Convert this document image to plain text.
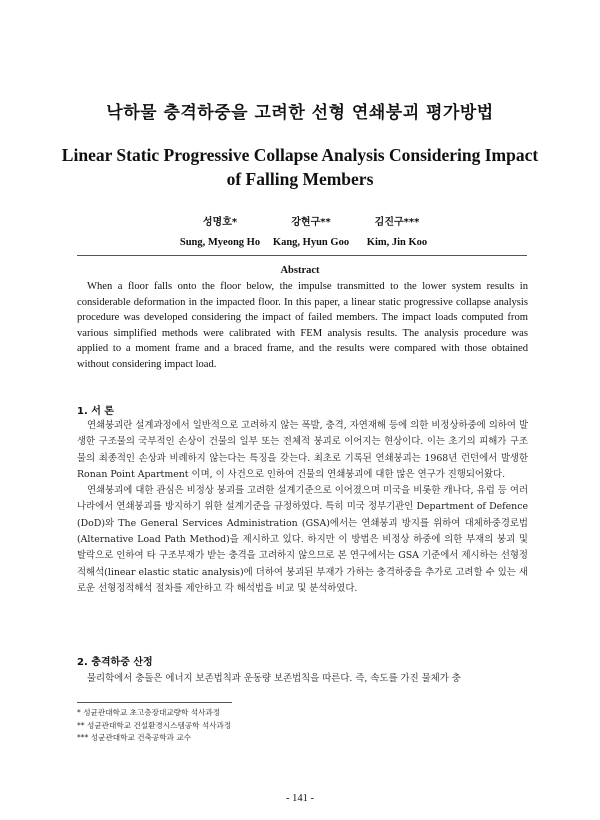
낙하물 충격하중을 고려한 선형 연쇄붕괴 평가방법
Linear Static Progressive Collapse Analysis Considering Impact of Falling Members
성명호*
Sung, Myeong Ho
강현구**
Kang, Hyun Goo
김진구***
Kim, Jin Koo
Abstract

When a floor falls onto the floor below, the impulse transmitted to the lower system results in considerable deformation in the impacted floor. In this paper, a linear static progressive collapse analysis procedure was developed considering the impact of failed members. The impact loads computed from various simplified methods were calibrated with FEM analysis results. The analysis procedure was applied to a moment frame and a braced frame, and the results were compared with those obtained without considering impact load.

1. 서 론

연쇄붕괴란 설계과정에서 일반적으로 고려하지 않는 폭발, 충격, 자연재해 등에 의한 비정상하중에 의하여 발생한 구조물의 국부적인 손상이 건물의 일부 또는 전체적 붕괴로 이어지는 현상이다. 이는 초기의 피해가 구조물의 최종적인 손상과 비례하지 않는다는 특징을 갖는다. 최초로 기록된 연쇄붕괴는 1968년 런던에서 발생한 Ronan Point Apartment 이며, 이 사건으로 인하여 건물의 연쇄붕괴에 대한 많은 연구가 진행되어왔다.

연쇄붕괴에 대한 관심은 비정상 붕괴를 고려한 설계기준으로 이어졌으며 미국을 비롯한 캐나다, 유럽 등 여러 나라에서 연쇄붕괴를 방지하기 위한 설계기준을 규정하였다. 특히 미국 정부기관인 Department of Defence (DoD)와 The General Services Administration (GSA)에서는 연쇄붕괴 방지를 위하여 대체하중경로법(Alternative Load Path Method)을 제시하고 있다. 하지만 이 방법은 비정상 하중에 의한 부재의 붕괴 및 탈락으로 인하여 타 구조부재가 받는 충격을 고려하지 않으므로 본 연구에서는 GSA 기준에서 제시하는 선형정적해석(linear elastic static analysis)에 더하여 붕괴된 부재가 가하는 충격하중을 추가로 고려할 수 있는 새로운 선형정적해석 절차를 제안하고 각 해석법을 비교 및 분석하였다.

2. 충격하중 산정

물리학에서 충돌은 에너지 보존법칙과 운동량 보존법칙을 따른다. 즉, 속도를 가진 물체가 충

* 성균관대학교 초고층장대교량학 석사과정
** 성균관대학교 건설환경시스템공학 석사과정
*** 성균관대학교 건축공학과 교수
- 141 -
